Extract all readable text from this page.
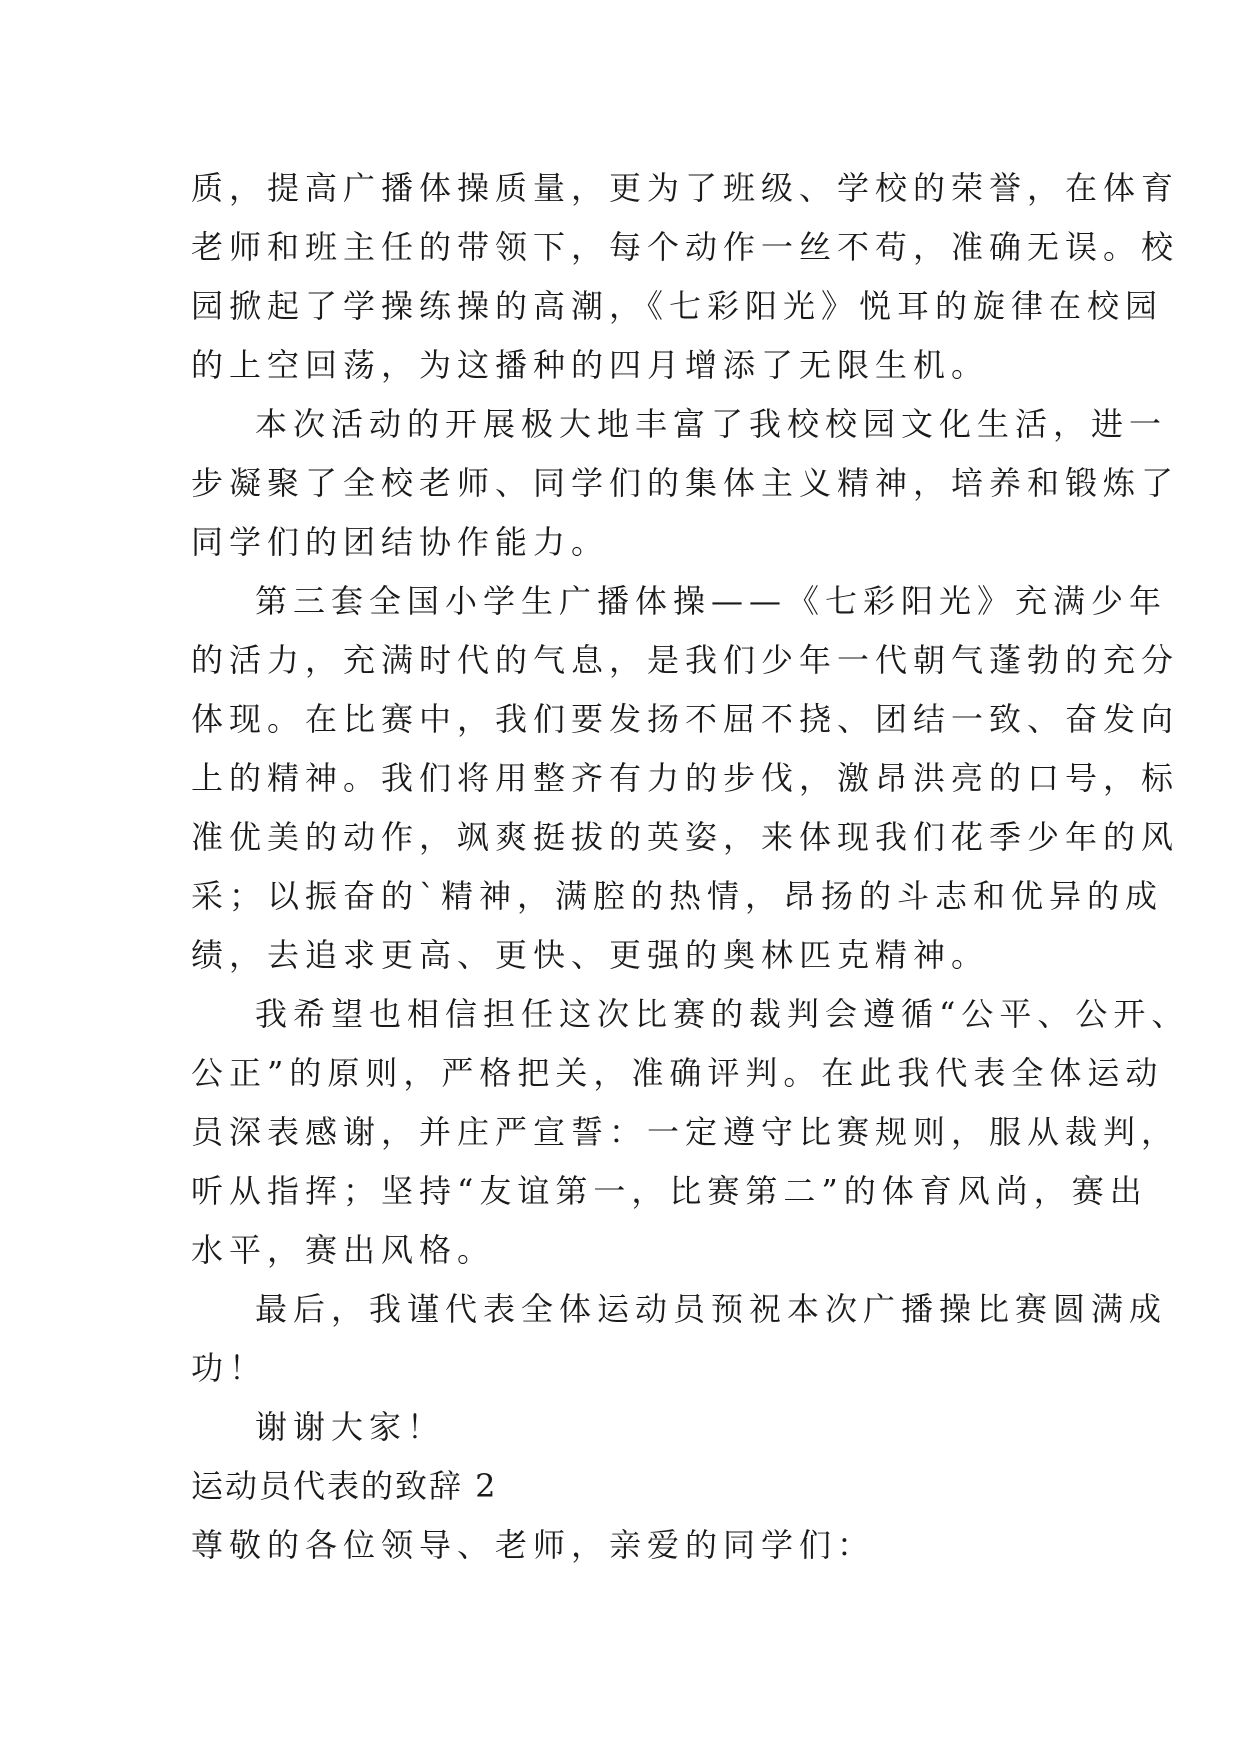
质，提高广播体操质量，更为了班级、学校的荣誉，在体育
老师和班主任的带领下，每个动作一丝不苟，准确无误。校
园掀起了学操练操的高潮，《七彩阳光》悦耳的旋律在校园
的上空回荡，为这播种的四月增添了无限生机。
本次活动的开展极大地丰富了我校校园文化生活，进一
步凝聚了全校老师、同学们的集体主义精神，培养和锻炼了
同学们的团结协作能力。
第三套全国小学生广播体操——《七彩阳光》充满少年
的活力，充满时代的气息，是我们少年一代朝气蓬勃的充分
体现。在比赛中，我们要发扬不屈不挠、团结一致、奋发向
上的精神。我们将用整齐有力的步伐，激昂洪亮的口号，标
准优美的动作，飒爽挺拔的英姿，来体现我们花季少年的风
采；以振奋的`精神，满腔的热情，昂扬的斗志和优异的成
绩，去追求更高、更快、更强的奥林匹克精神。
我希望也相信担任这次比赛的裁判会遵循“公平、公开、
公正”的原则，严格把关，准确评判。在此我代表全体运动
员深表感谢，并庄严宣誓：一定遵守比赛规则，服从裁判，
听从指挥；坚持“友谊第一，比赛第二”的体育风尚，赛出
水平，赛出风格。
最后，我谨代表全体运动员预祝本次广播操比赛圆满成
功！
谢谢大家！
运动员代表的致辞 2
尊敬的各位领导、老师，亲爱的同学们：
